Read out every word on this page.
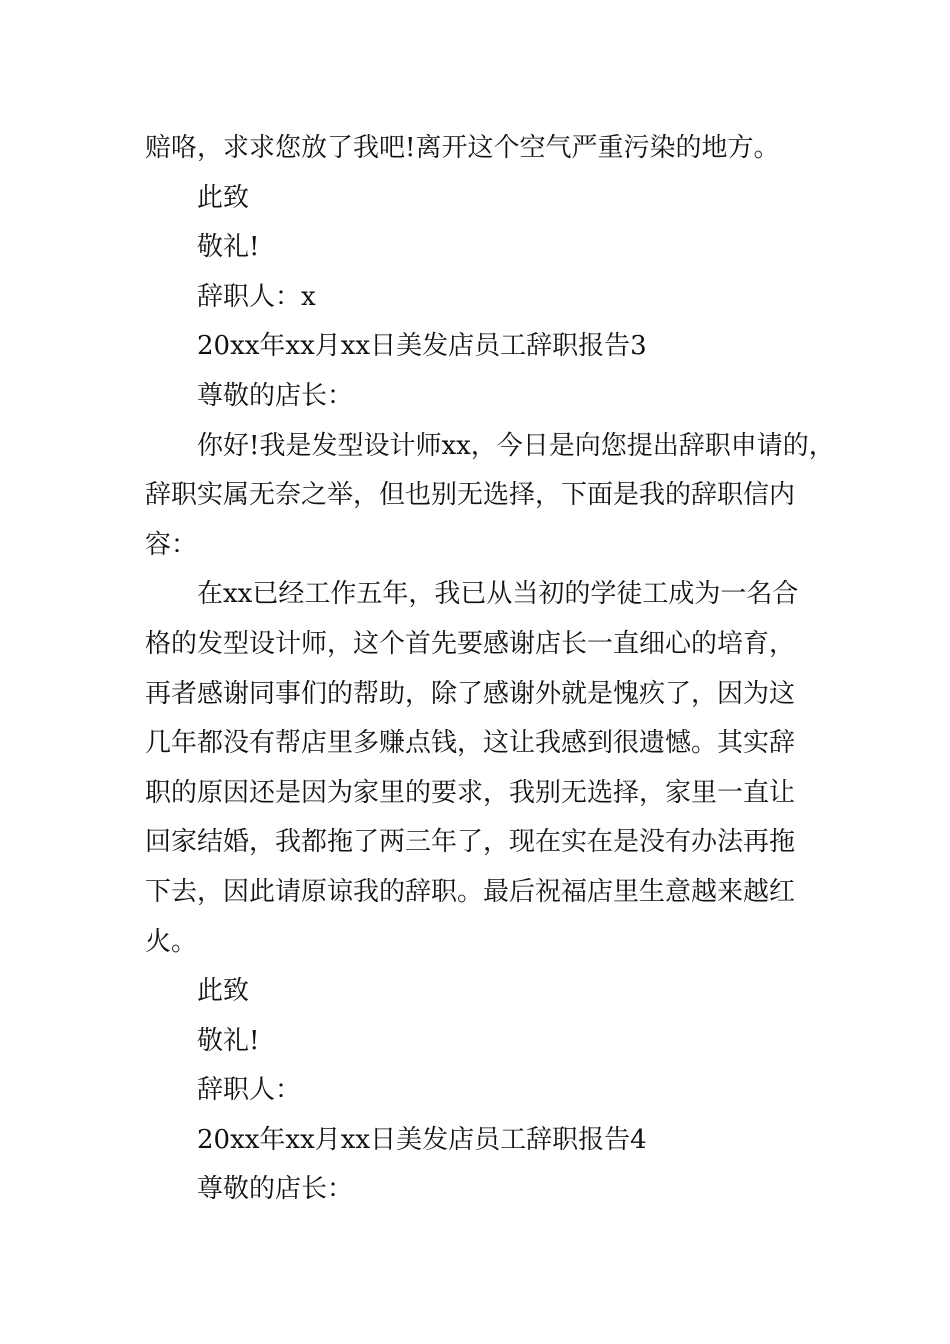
赔咯，求求您放了我吧!离开这个空气严重污染的地方。

此致

敬礼!

辞职人：x

20xx年xx月xx日美发店员工辞职报告3

尊敬的店长：

你好!我是发型设计师xx，今日是向您提出辞职申请的，

辞职实属无奈之举，但也别无选择，下面是我的辞职信内

容：

在xx已经工作五年，我已从当初的学徒工成为一名合

格的发型设计师，这个首先要感谢店长一直细心的培育，

再者感谢同事们的帮助，除了感谢外就是愧疚了，因为这

几年都没有帮店里多赚点钱，这让我感到很遗憾。其实辞

职的原因还是因为家里的要求，我别无选择，家里一直让

回家结婚，我都拖了两三年了，现在实在是没有办法再拖

下去，因此请原谅我的辞职。最后祝福店里生意越来越红

火。

此致

敬礼!

辞职人：

20xx年xx月xx日美发店员工辞职报告4

尊敬的店长：
